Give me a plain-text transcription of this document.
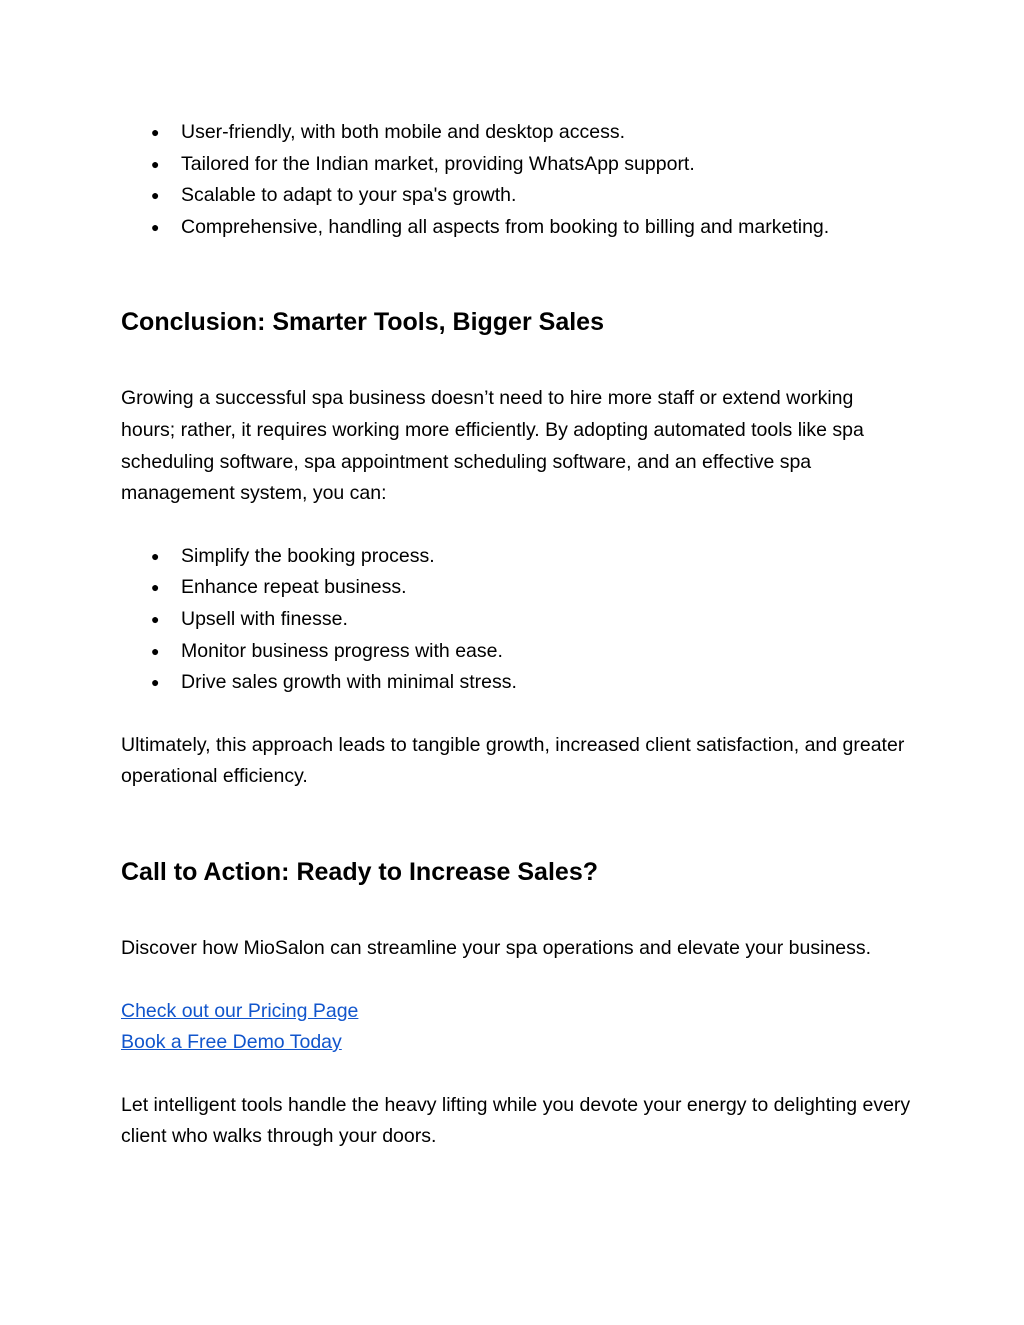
● User-friendly, with both mobile and desktop access.
● Tailored for the Indian market, providing WhatsApp support.
● Scalable to adapt to your spa's growth.
● Comprehensive, handling all aspects from booking to billing and marketing.
Conclusion: Smarter Tools, Bigger Sales

Growing a successful spa business doesn’t need to hire more staff or extend working hours; rather, it requires working more efficiently. By adopting automated tools like spa scheduling software, spa appointment scheduling software, and an effective spa management system, you can:

● Simplify the booking process.
● Enhance repeat business.
● Upsell with finesse.
● Monitor business progress with ease.
● Drive sales growth with minimal stress.

Ultimately, this approach leads to tangible growth, increased client satisfaction, and greater operational efficiency.

Call to Action: Ready to Increase Sales?

Discover how MioSalon can streamline your spa operations and elevate your business.

Check out our Pricing Page
Book a Free Demo Today

Let intelligent tools handle the heavy lifting while you devote your energy to delighting every client who walks through your doors.
